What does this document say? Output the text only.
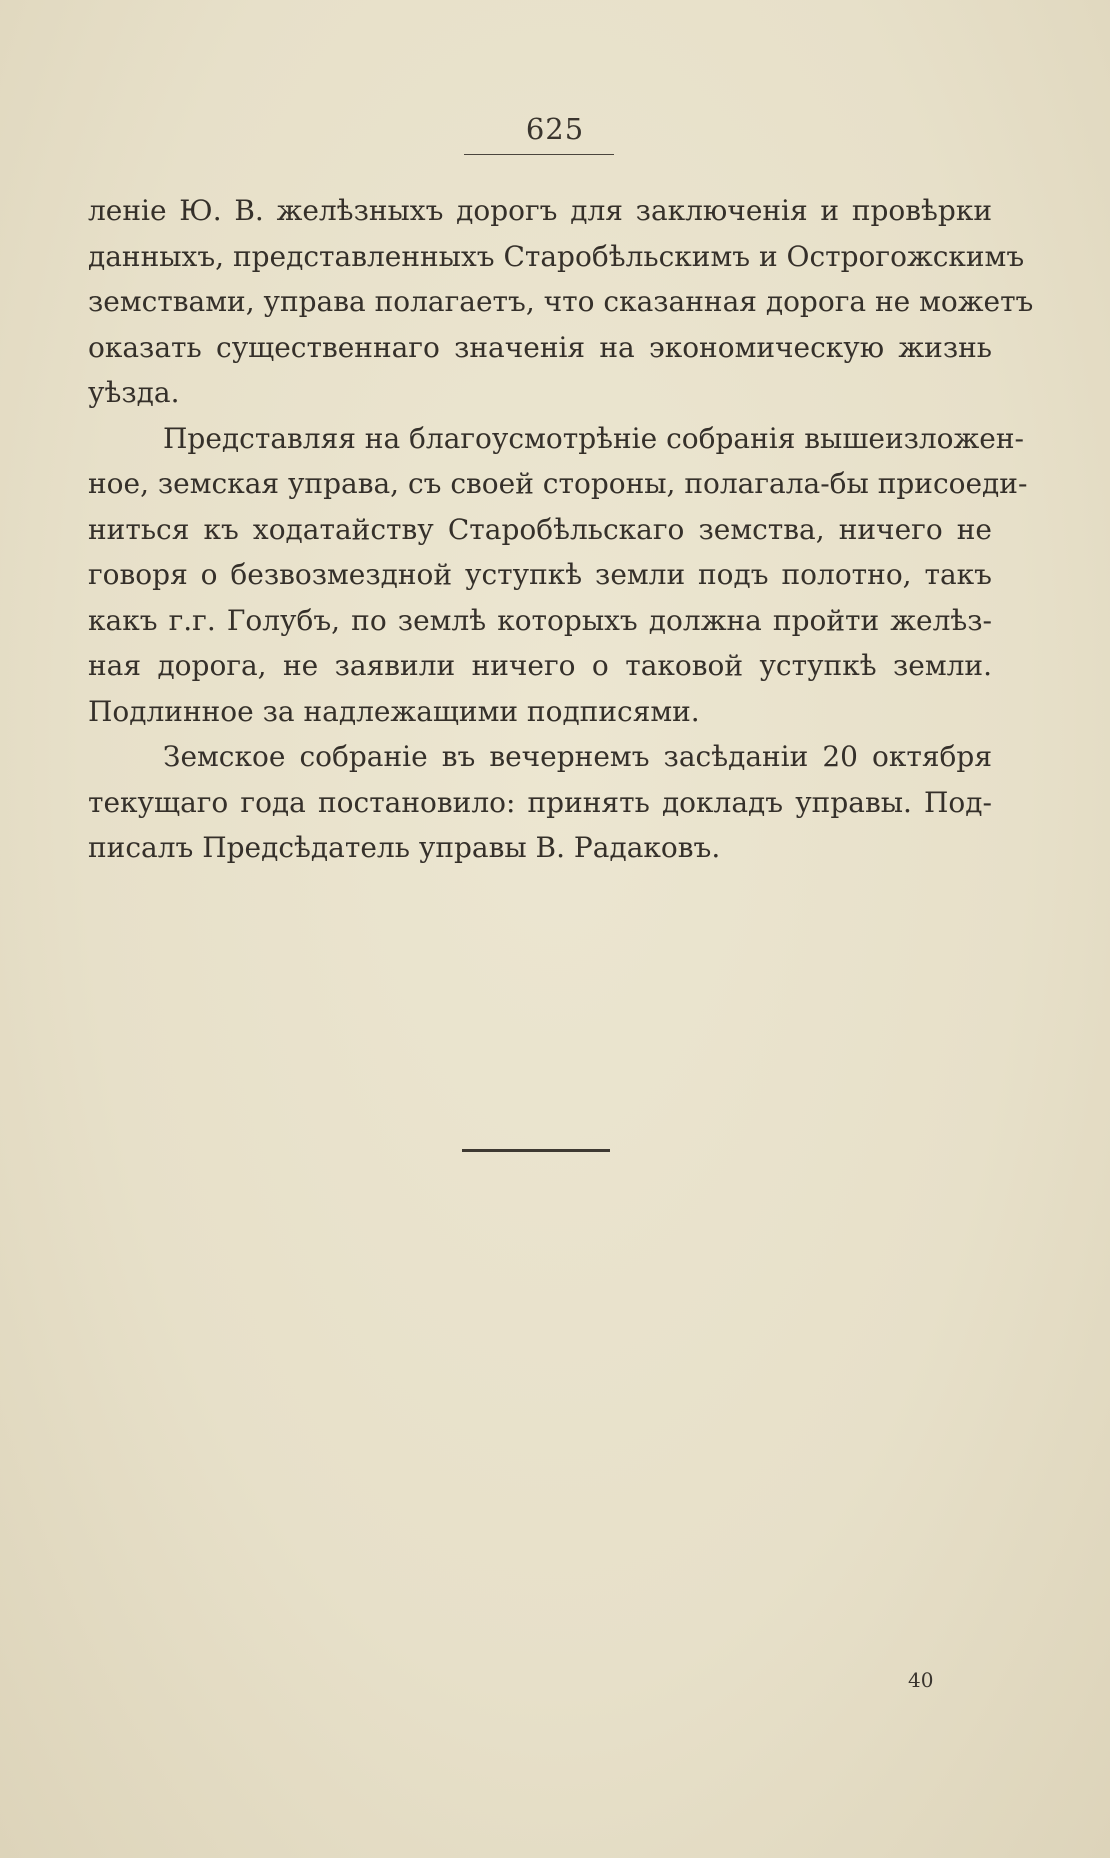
625
леніе Ю. В. желѣзныхъ дорогъ для заключенія и провѣрки
данныхъ, представленныхъ Старобѣльскимъ и Острогожскимъ
земствами, управа полагаетъ, что сказанная дорога не можетъ
оказать существеннаго значенія на экономическую жизнь
уѣзда.
Представляя на благоусмотрѣніе собранія вышеизложен-
ное, земская управа, съ своей стороны, полагала-бы присоеди-
ниться къ ходатайству Старобѣльскаго земства, ничего не
говоря о безвозмездной уступкѣ земли подъ полотно, такъ
какъ г.г. Голубъ, по землѣ которыхъ должна пройти желѣз-
ная дорога, не заявили ничего о таковой уступкѣ земли.
Подлинное за надлежащими подписями.
Земское собраніе въ вечернемъ засѣданіи 20 октября
текущаго года постановило: принять докладъ управы. Под-
писалъ Предсѣдатель управы В. Радаковъ.
40
